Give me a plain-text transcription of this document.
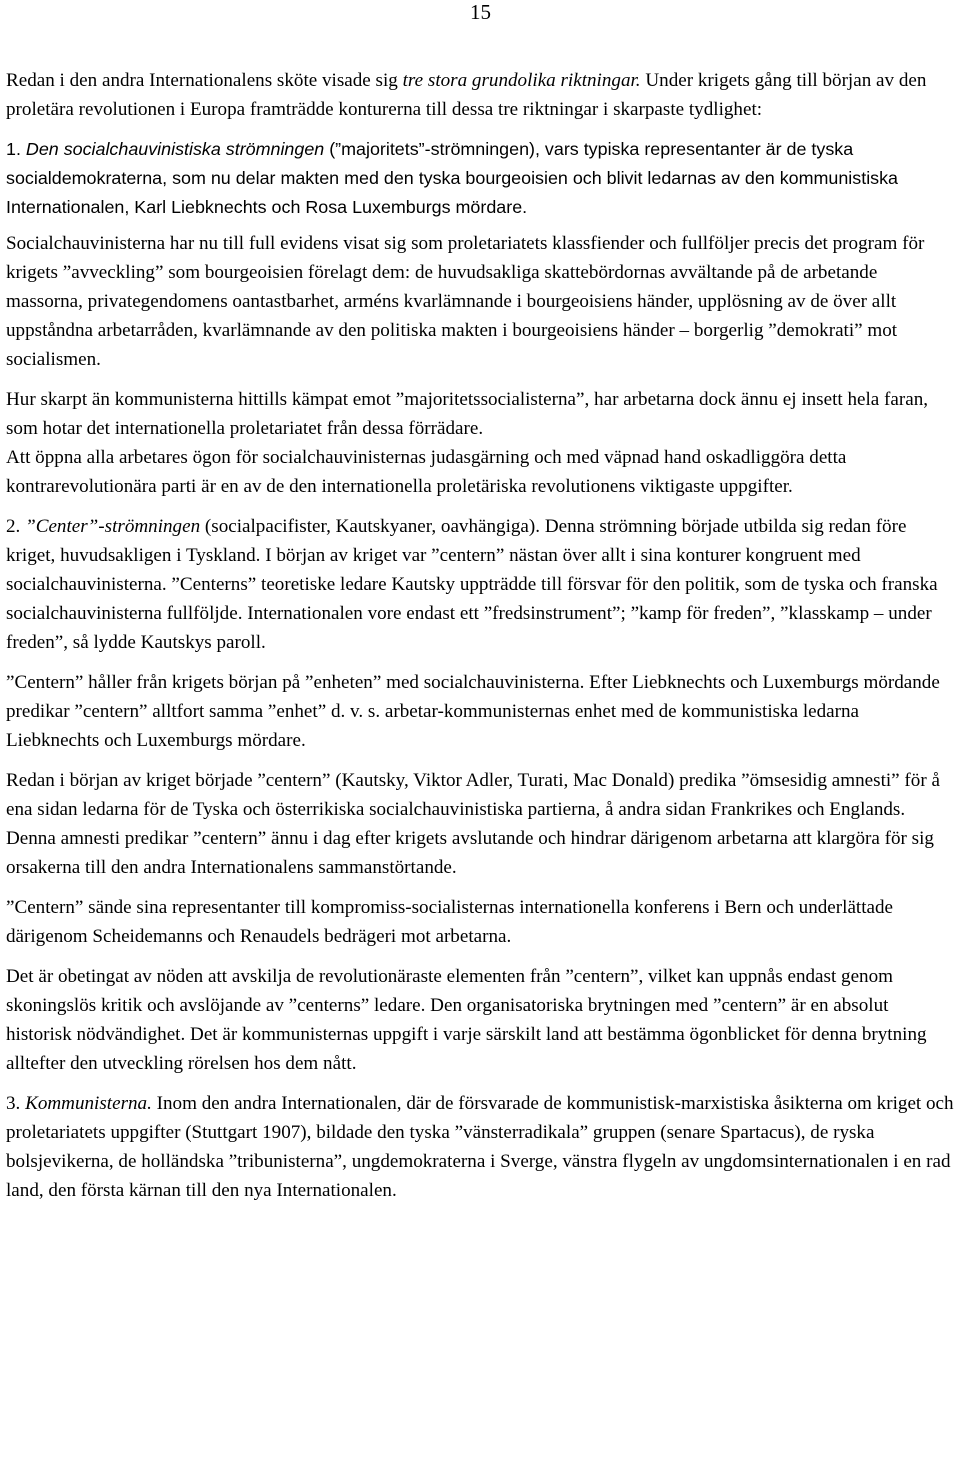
15

Redan i den andra Internationalens sköte visade sig tre stora grundolika riktningar. Under krigets gång till början av den proletära revolutionen i Europa framträdde konturerna till dessa tre riktningar i skarpaste tydlighet:

1. Den socialchauvinistiska strömningen (”majoritets”-strömningen), vars typiska representanter är de tyska socialdemokraterna, som nu delar makten med den tyska bourgeoisien och blivit ledarnas av den kommunistiska Internationalen, Karl Liebknechts och Rosa Luxemburgs mördare.

Socialchauvinisterna har nu till full evidens visat sig som proletariatets klassfiender och fullföljer precis det program för krigets ”avveckling” som bourgeoisien förelagt dem: de huvudsakliga skattebördornas avvältande på de arbetande massorna, privategendomens oantastbarhet, arméns kvarlämnande i bourgeoisiens händer, upplösning av de över allt uppståndna arbetarråden, kvarlämnande av den politiska makten i bourgeoisiens händer – borgerlig ”demokrati” mot socialismen.

Hur skarpt än kommunisterna hittills kämpat emot ”majoritetssocialisterna”, har arbetarna dock ännu ej insett hela faran, som hotar det internationella proletariatet från dessa förrädare.

Att öppna alla arbetares ögon för socialchauvinisternas judasgärning och med väpnad hand oskadliggöra detta kontrarevolutionära parti är en av de den internationella proletäriska revolutionens viktigaste uppgifter.

2. ”Center”-strömningen (socialpacifister, Kautskyaner, oavhängiga). Denna strömning började utbilda sig redan före kriget, huvudsakligen i Tyskland. I början av kriget var ”centern” nästan över allt i sina konturer kongruent med socialchauvinisterna. ”Centerns” teoretiske ledare Kautsky uppträdde till försvar för den politik, som de tyska och franska socialchauvinisterna fullföljde. Internationalen vore endast ett ”fredsinstrument”; ”kamp för freden”, ”klasskamp – under freden”, så lydde Kautskys paroll.

”Centern” håller från krigets början på ”enheten” med socialchauvinisterna. Efter Liebknechts och Luxemburgs mördande predikar ”centern” alltfort samma ”enhet” d. v. s. arbetar-kommunisternas enhet med de kommunistiska ledarna Liebknechts och Luxemburgs mördare.

Redan i början av kriget började ”centern” (Kautsky, Viktor Adler, Turati, Mac Donald) predika ”ömsesidig amnesti” för å ena sidan ledarna för de Tyska och österrikiska socialchauvinistiska partierna, å andra sidan Frankrikes och Englands. Denna amnesti predikar ”centern” ännu i dag efter krigets avslutande och hindrar därigenom arbetarna att klargöra för sig orsakerna till den andra Internationalens sammanstörtande.

”Centern” sände sina representanter till kompromiss-socialisternas internationella konferens i Bern och underlättade därigenom Scheidemanns och Renaudels bedrägeri mot arbetarna.

Det är obetingat av nöden att avskilja de revolutionäraste elementen från ”centern”, vilket kan uppnås endast genom skoningslös kritik och avslöjande av ”centerns” ledare. Den organisatoriska brytningen med ”centern” är en absolut historisk nödvändighet. Det är kommunisternas uppgift i varje särskilt land att bestämma ögonblicket för denna brytning alltefter den utveckling rörelsen hos dem nått.

3. Kommunisterna. Inom den andra Internationalen, där de försvarade de kommunistisk-marxistiska åsikterna om kriget och proletariatets uppgifter (Stuttgart 1907), bildade den tyska ”vänsterradikala” gruppen (senare Spartacus), de ryska bolsjevikerna, de holländska ”tribunisterna”, ungdemokraterna i Sverge, vänstra flygeln av ungdomsinternationalen i en rad land, den första kärnan till den nya Internationalen.
